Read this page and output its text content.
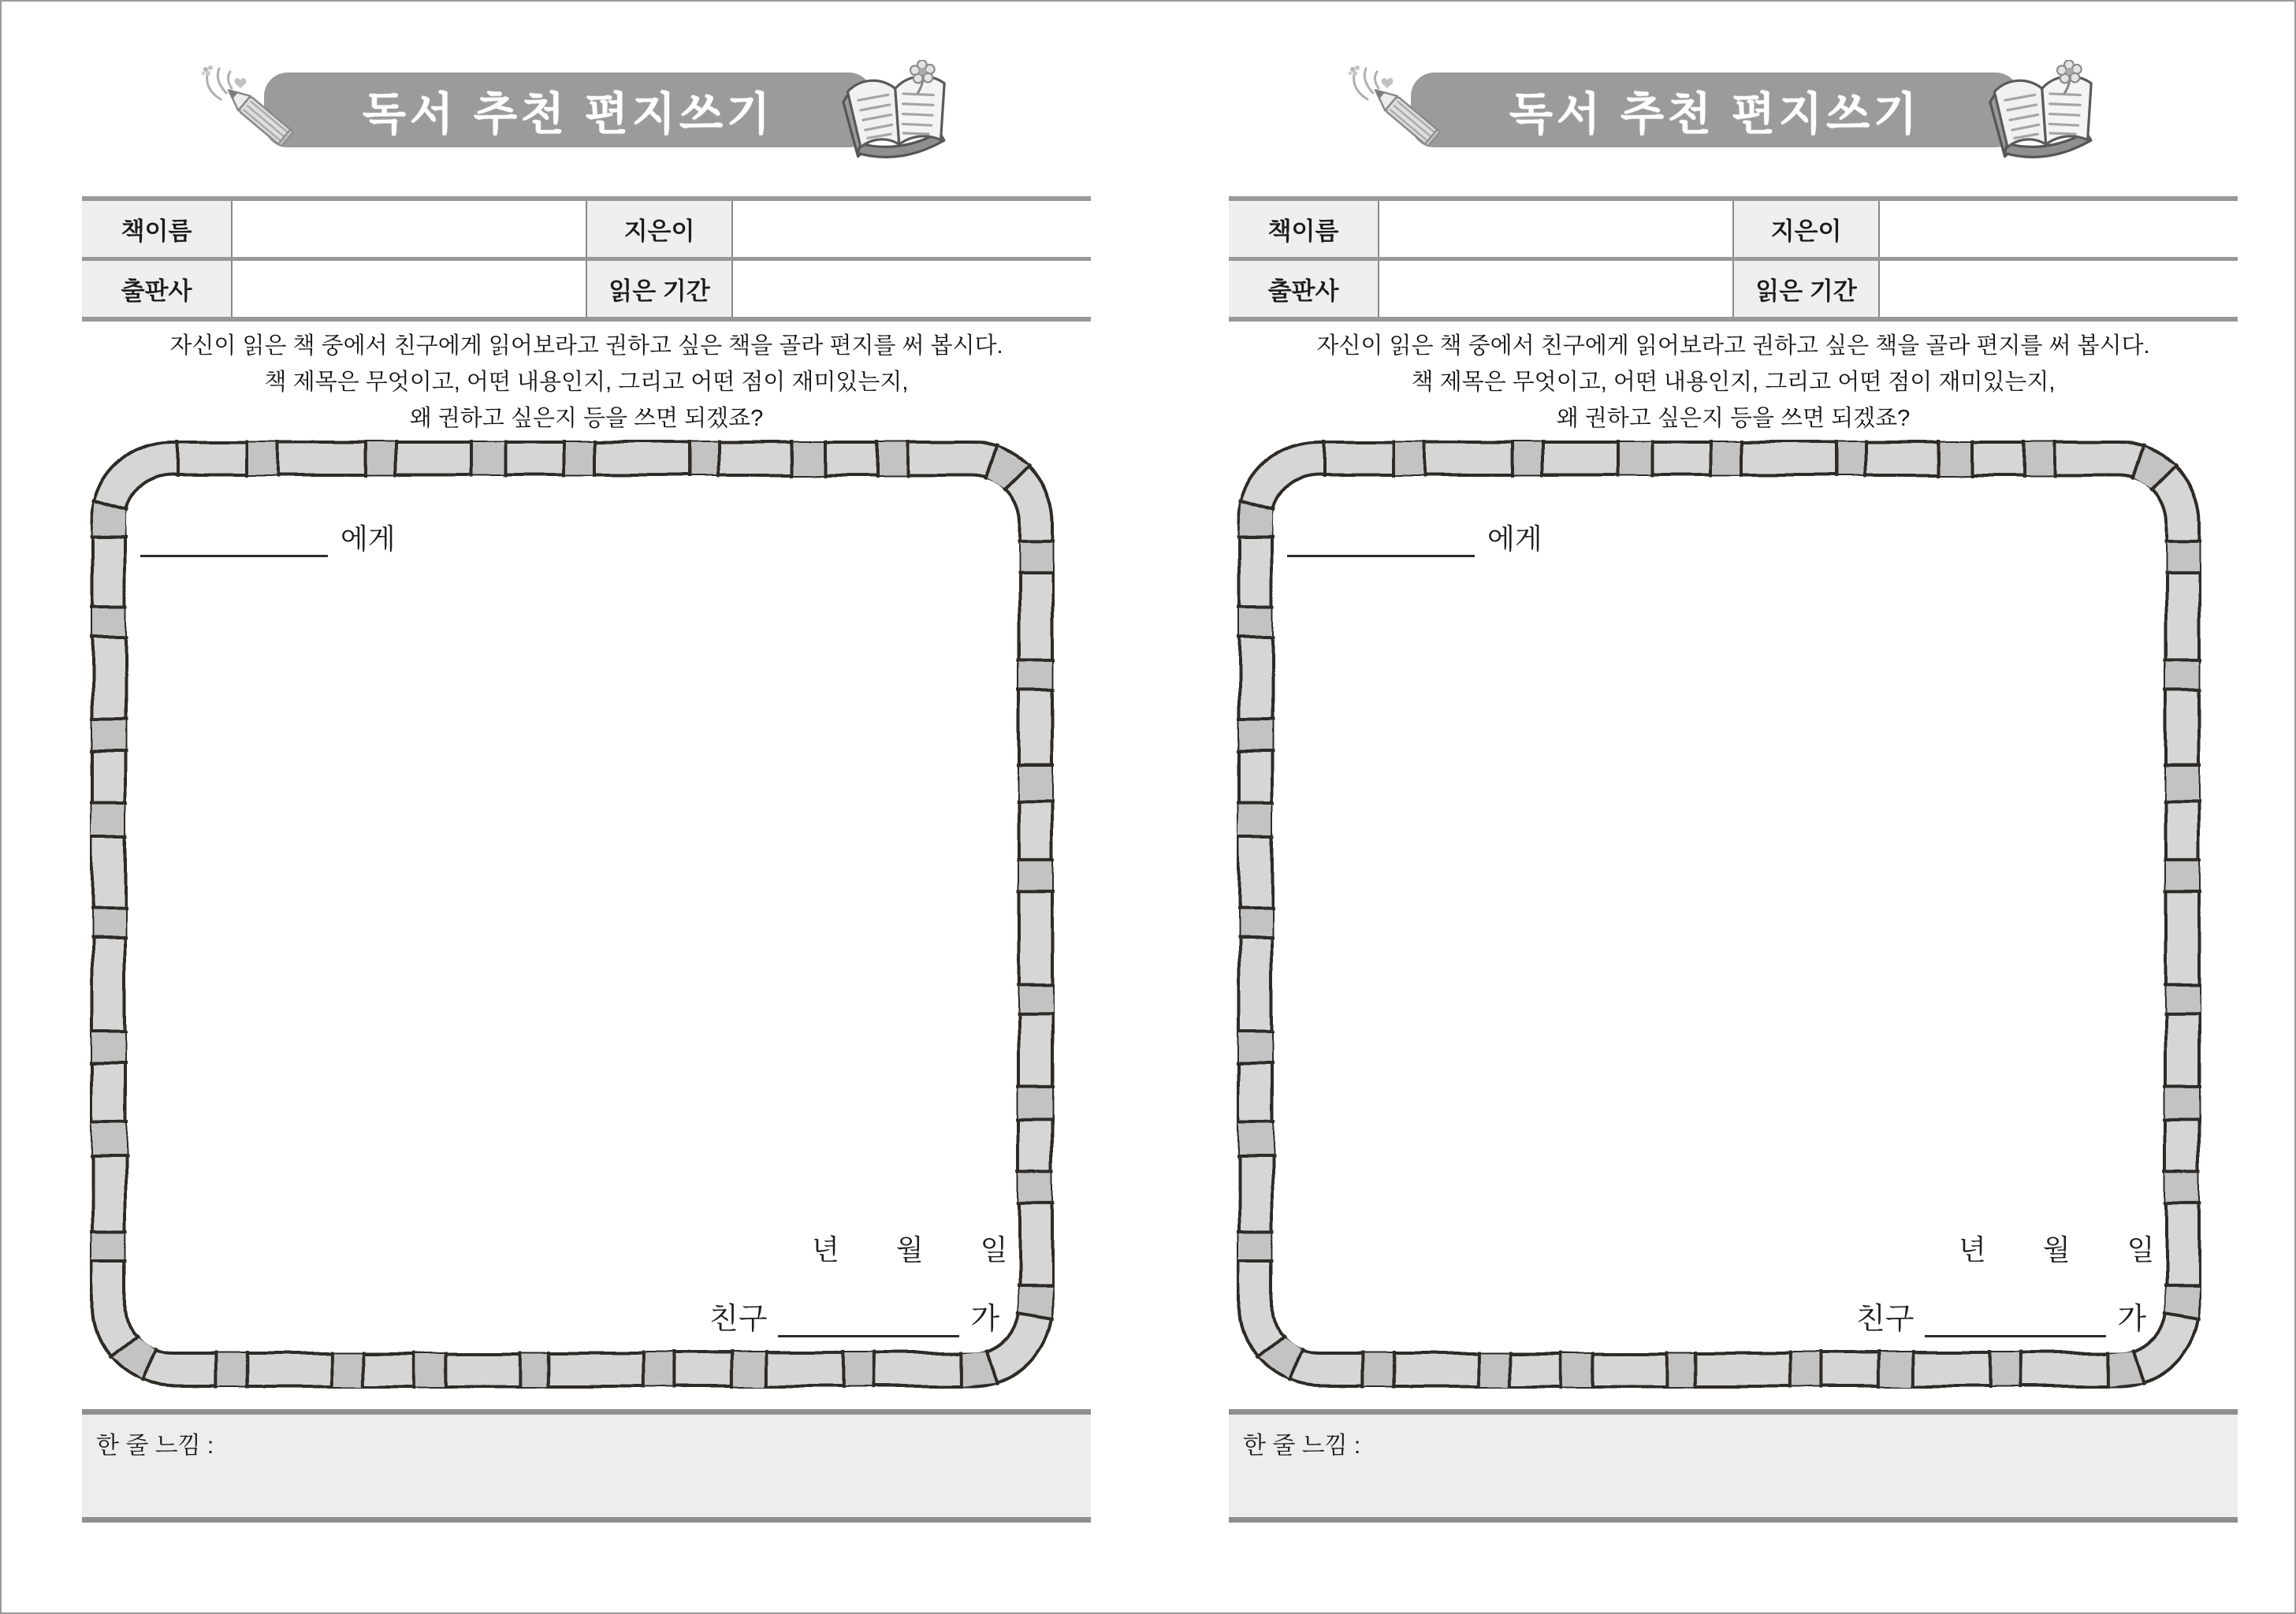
독서 추천 편지쓰기
책이름		지은이	
출판사		읽은 기간	
자신이 읽은 책 중에서 친구에게 읽어보라고 권하고 싶은 책을 골라 편지를 써 봅시다.
책 제목은 무엇이고, 어떤 내용인지, 그리고 어떤 점이 재미있는지,
왜 권하고 싶은지 등을 쓰면 되겠죠?
에게
년 월 일
친구	가
한 줄 느낌 :
독서 추천 편지쓰기
책이름		지은이	
출판사		읽은 기간	
자신이 읽은 책 중에서 친구에게 읽어보라고 권하고 싶은 책을 골라 편지를 써 봅시다.
책 제목은 무엇이고, 어떤 내용인지, 그리고 어떤 점이 재미있는지,
왜 권하고 싶은지 등을 쓰면 되겠죠?
에게
년 월 일
친구	가
한 줄 느낌 :
